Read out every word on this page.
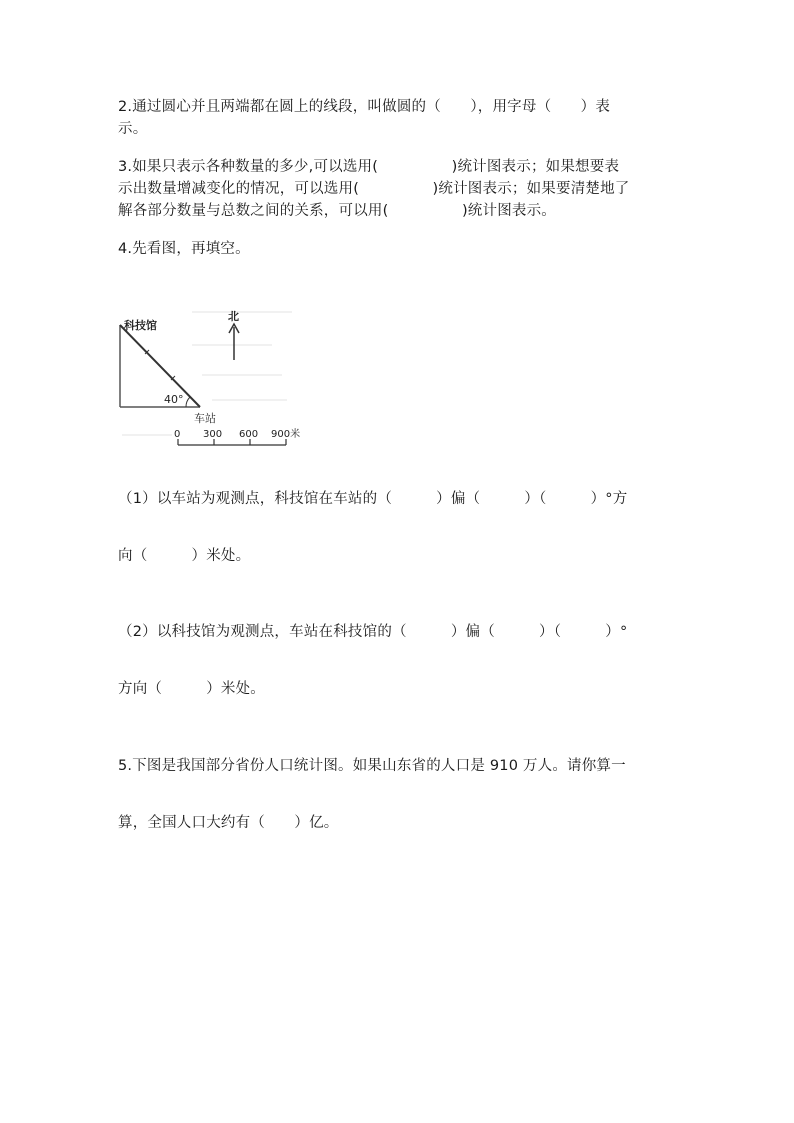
2.通过圆心并且两端都在圆上的线段，叫做圆的（　　），用字母（　　）表
示。
3.如果只表示各种数量的多少,可以选用(　　　　　)统计图表示；如果想要表
示出数量增减变化的情况，可以选用(　　　　　)统计图表示；如果要清楚地了
解各部分数量与总数之间的关系，可以用(　　　　　)统计图表示。
4.先看图，再填空。
40°
科技馆
车站
北
0 300 600 900米
（1）以车站为观测点，科技馆在车站的（　　　）偏（　　　）（　　　）°方
向（　　　）米处。
（2）以科技馆为观测点，车站在科技馆的（　　　）偏（　　　）（　　　）°
方向（　　　）米处。
5.下图是我国部分省份人口统计图。如果山东省的人口是 910 万人。请你算一
算，全国人口大约有（　　）亿。
